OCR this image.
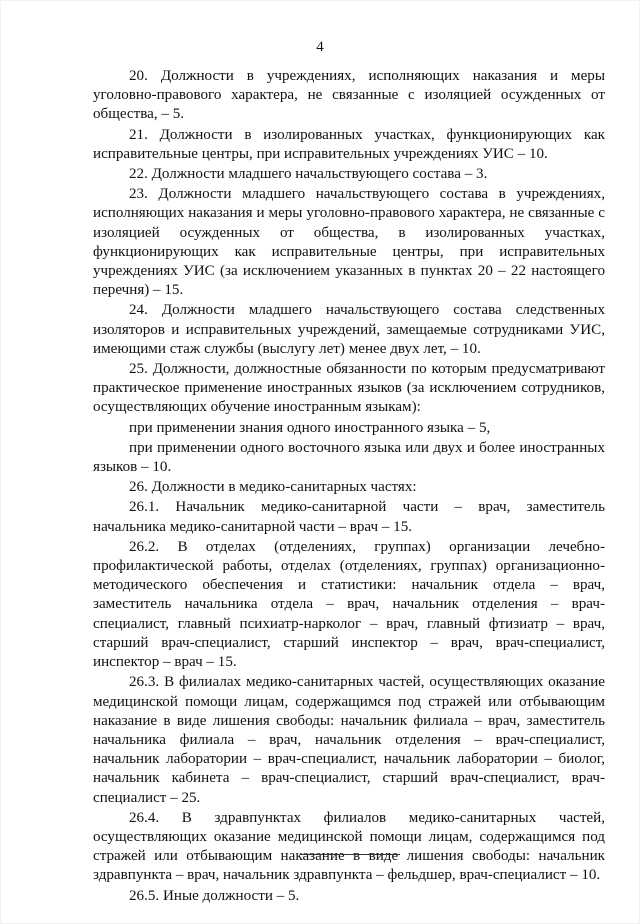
4

20. Должности в учреждениях, исполняющих наказания и меры уголовно-правового характера, не связанные с изоляцией осужденных от общества, – 5.

21. Должности в изолированных участках, функционирующих как исправительные центры, при исправительных учреждениях УИС – 10.

22. Должности младшего начальствующего состава – 3.

23. Должности младшего начальствующего состава в учреждениях, исполняющих наказания и меры уголовно-правового характера, не связанные с изоляцией осужденных от общества, в изолированных участках, функционирующих как исправительные центры, при исправительных учреждениях УИС (за исключением указанных в пунктах 20 – 22 настоящего перечня) – 15.

24. Должности младшего начальствующего состава следственных изоляторов и исправительных учреждений, замещаемые сотрудниками УИС, имеющими стаж службы (выслугу лет) менее двух лет, – 10.

25. Должности, должностные обязанности по которым предусматривают практическое применение иностранных языков (за исключением сотрудников, осуществляющих обучение иностранным языкам):

при применении знания одного иностранного языка – 5,

при применении одного восточного языка или двух и более иностранных языков – 10.

26. Должности в медико-санитарных частях:

26.1. Начальник медико-санитарной части – врач, заместитель начальника медико-санитарной части – врач – 15.

26.2. В отделах (отделениях, группах) организации лечебно-профилактической работы, отделах (отделениях, группах) организационно-методического обеспечения и статистики: начальник отдела – врач, заместитель начальника отдела – врач, начальник отделения – врач-специалист, главный психиатр-нарколог – врач, главный фтизиатр – врач, старший врач-специалист, старший инспектор – врач, врач-специалист, инспектор – врач – 15.

26.3. В филиалах медико-санитарных частей, осуществляющих оказание медицинской помощи лицам, содержащимся под стражей или отбывающим наказание в виде лишения свободы: начальник филиала – врач, заместитель начальника филиала – врач, начальник отделения – врач-специалист, начальник лаборатории – врач-специалист, начальник лаборатории – биолог, начальник кабинета – врач-специалист, старший врач-специалист, врач-специалист – 25.

26.4. В здравпунктах филиалов медико-санитарных частей, осуществляющих оказание медицинской помощи лицам, содержащимся под стражей или отбывающим наказание в виде лишения свободы: начальник здравпункта – врач, начальник здравпункта – фельдшер, врач-специалист – 10.

26.5. Иные должности – 5.
